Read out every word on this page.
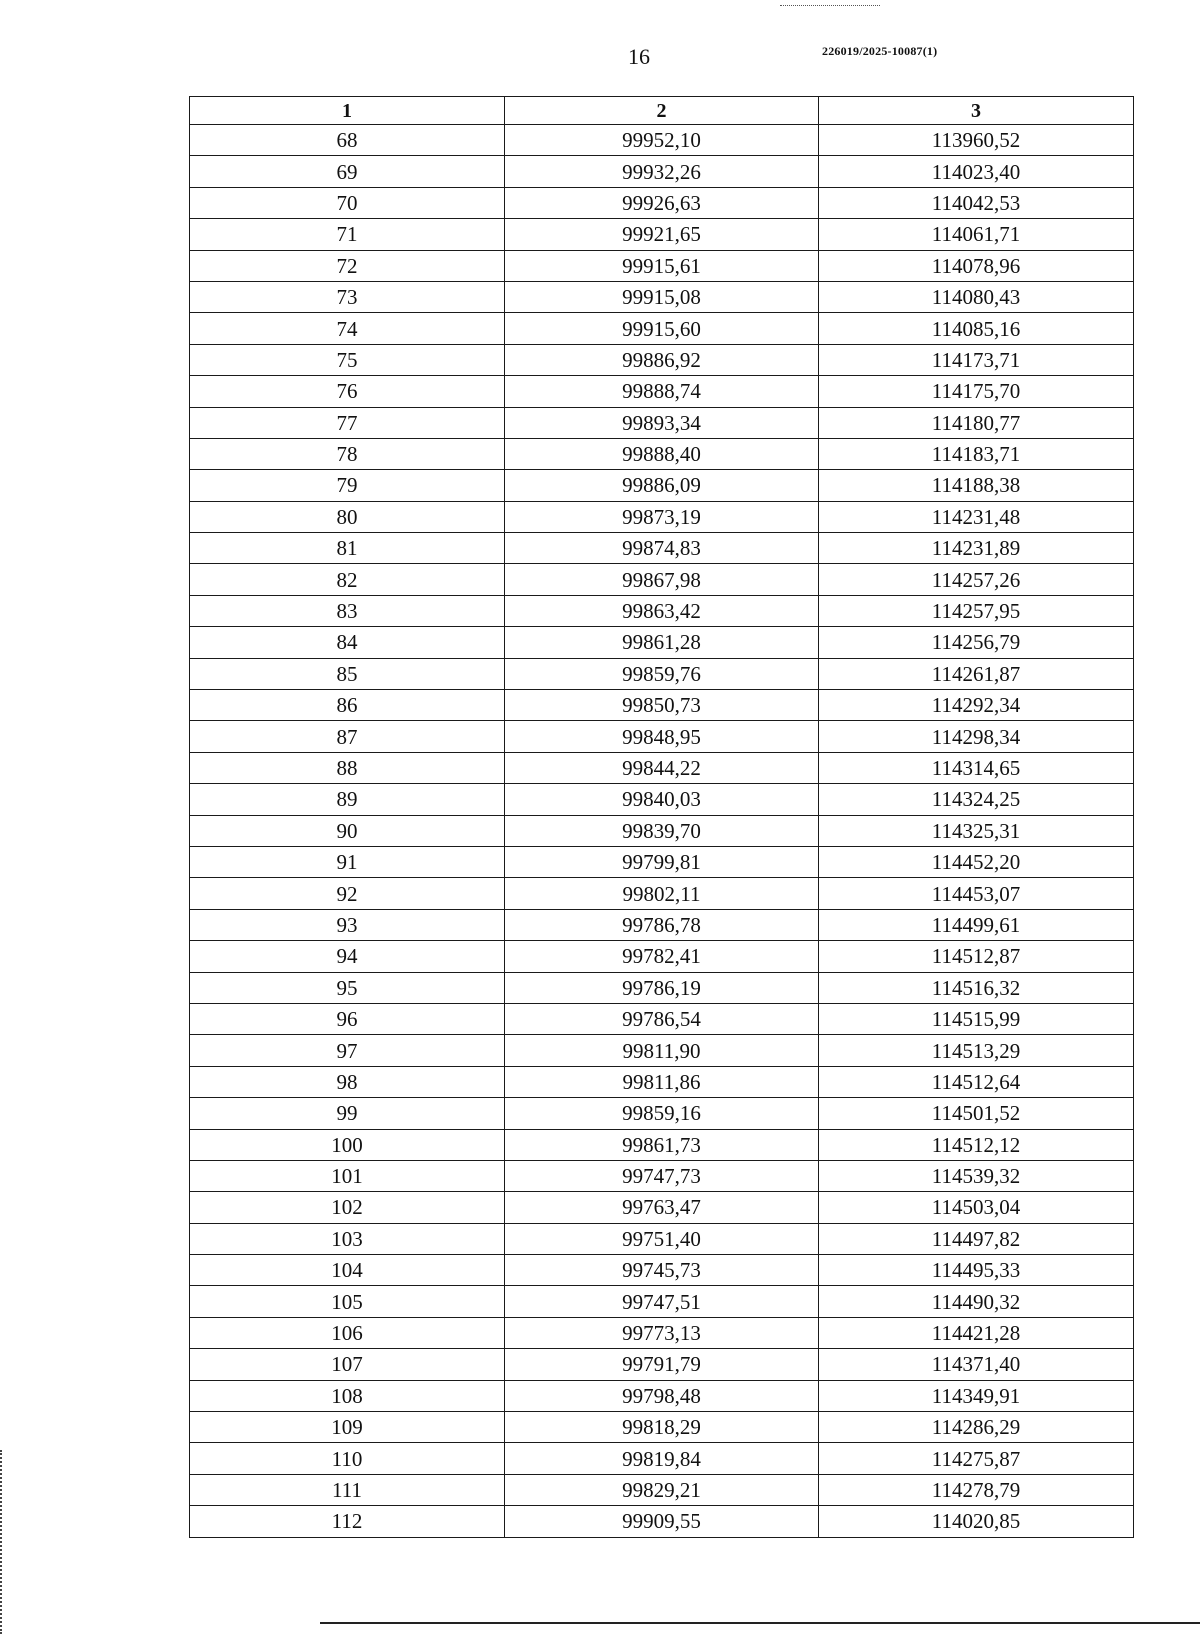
16	226019/2025-10087(1)
1	2	3
68	99952,10	113960,52
69	99932,26	114023,40
70	99926,63	114042,53
71	99921,65	114061,71
72	99915,61	114078,96
73	99915,08	114080,43
74	99915,60	114085,16
75	99886,92	114173,71
76	99888,74	114175,70
77	99893,34	114180,77
78	99888,40	114183,71
79	99886,09	114188,38
80	99873,19	114231,48
81	99874,83	114231,89
82	99867,98	114257,26
83	99863,42	114257,95
84	99861,28	114256,79
85	99859,76	114261,87
86	99850,73	114292,34
87	99848,95	114298,34
88	99844,22	114314,65
89	99840,03	114324,25
90	99839,70	114325,31
91	99799,81	114452,20
92	99802,11	114453,07
93	99786,78	114499,61
94	99782,41	114512,87
95	99786,19	114516,32
96	99786,54	114515,99
97	99811,90	114513,29
98	99811,86	114512,64
99	99859,16	114501,52
100	99861,73	114512,12
101	99747,73	114539,32
102	99763,47	114503,04
103	99751,40	114497,82
104	99745,73	114495,33
105	99747,51	114490,32
106	99773,13	114421,28
107	99791,79	114371,40
108	99798,48	114349,91
109	99818,29	114286,29
110	99819,84	114275,87
111	99829,21	114278,79
112	99909,55	114020,85
